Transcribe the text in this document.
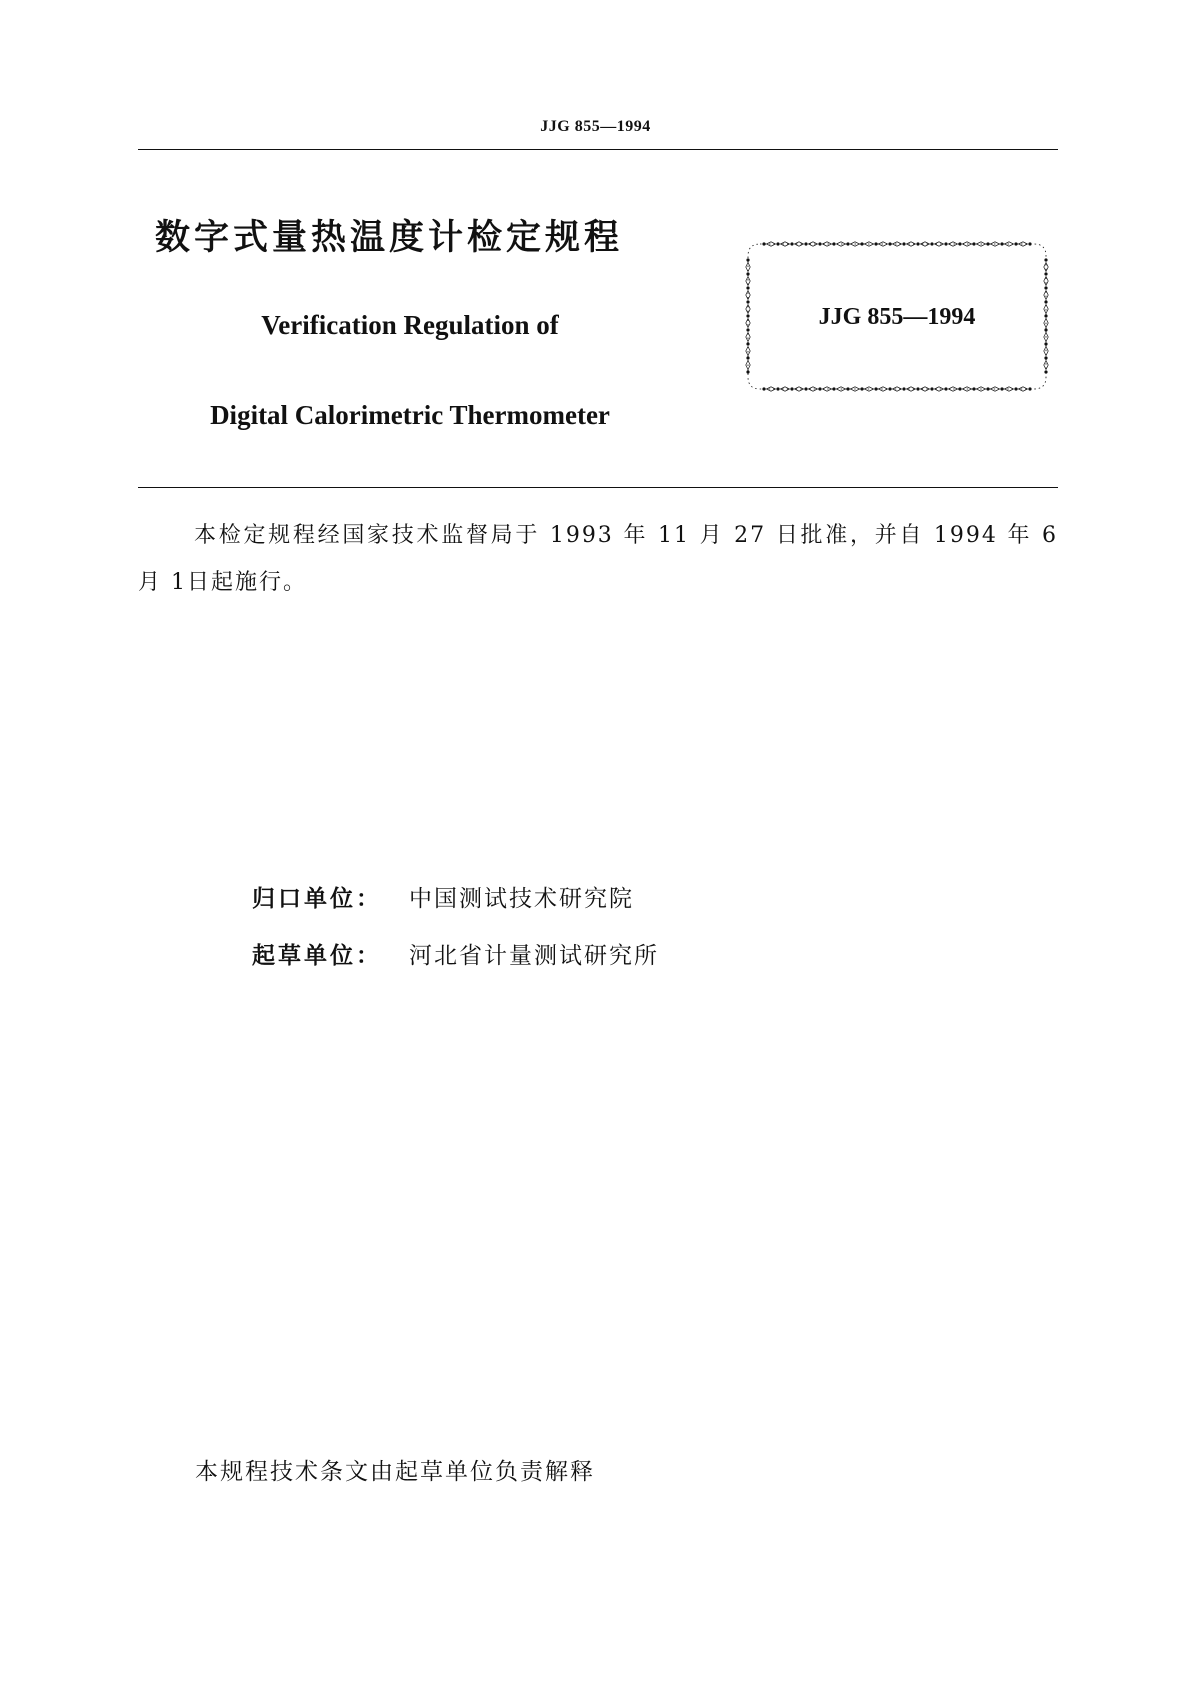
JJG 855—1994
数字式量热温度计检定规程
Verification Regulation of
Digital Calorimetric Thermometer
JJG 855—1994
本检定规程经国家技术监督局于 1993 年 11 月 27 日批准，并自 1994 年 6 月 1日起施行。
归口单位： 中国测试技术研究院
起草单位： 河北省计量测试研究所
本规程技术条文由起草单位负责解释
